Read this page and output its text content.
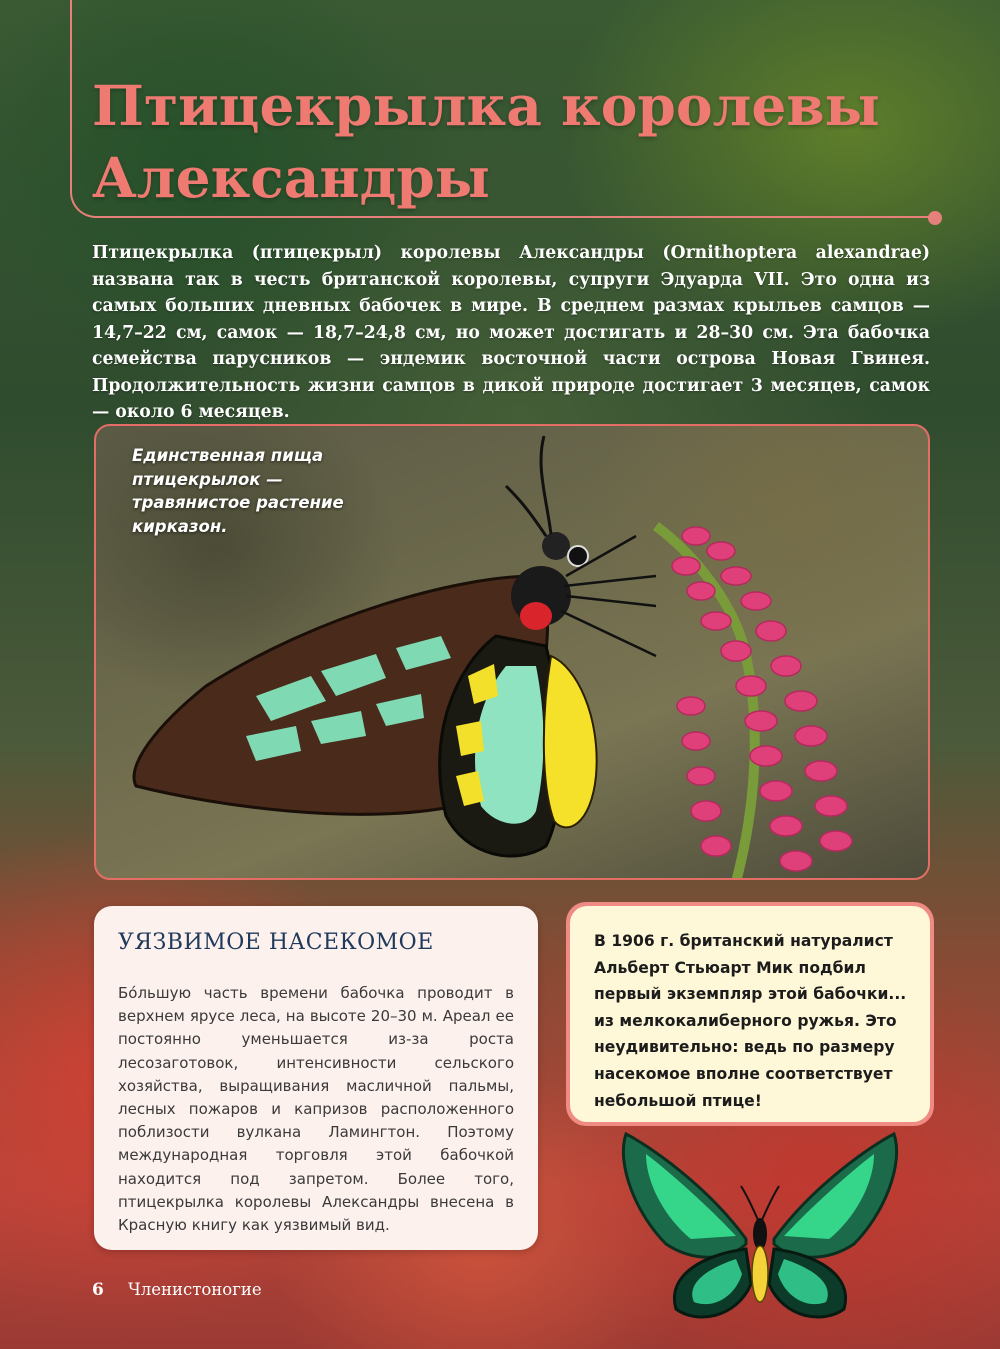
Птицекрылка королевы Александры

Птицекрылка (птицекрыл) королевы Александры (Ornithoptera alexandrae) названа так в честь британской королевы, супруги Эдуарда VII. Это одна из самых больших дневных бабочек в мире. В среднем размах крыльев самцов — 14,7–22 см, самок — 18,7–24,8 см, но может достигать и 28–30 см. Эта бабочка семейства парусников — эндемик восточной части острова Новая Гвинея. Продолжительность жизни самцов в дикой природе достигает 3 месяцев, самок — около 6 месяцев.

Единственная пища птицекрылок — травянистое растение кирказон.

УЯЗВИМОЕ НАСЕКОМОЕ

Бо́льшую часть времени бабочка проводит в верхнем ярусе леса, на высоте 20–30 м. Ареал ее постоянно уменьшается из-за роста лесозаготовок, интенсивности сельского хозяйства, выращивания масличной пальмы, лесных пожаров и капризов расположенного поблизости вулкана Ламингтон. Поэтому международная торговля этой бабочкой находится под запретом. Более того, птицекрылка королевы Александры внесена в Красную книгу как уязвимый вид.

В 1906 г. британский натуралист Альберт Стьюарт Мик подбил первый экземпляр этой бабочки... из мелкокалиберного ружья. Это неудивительно: ведь по размеру насекомое вполне соответствует небольшой птице!

6 Членистоногие
